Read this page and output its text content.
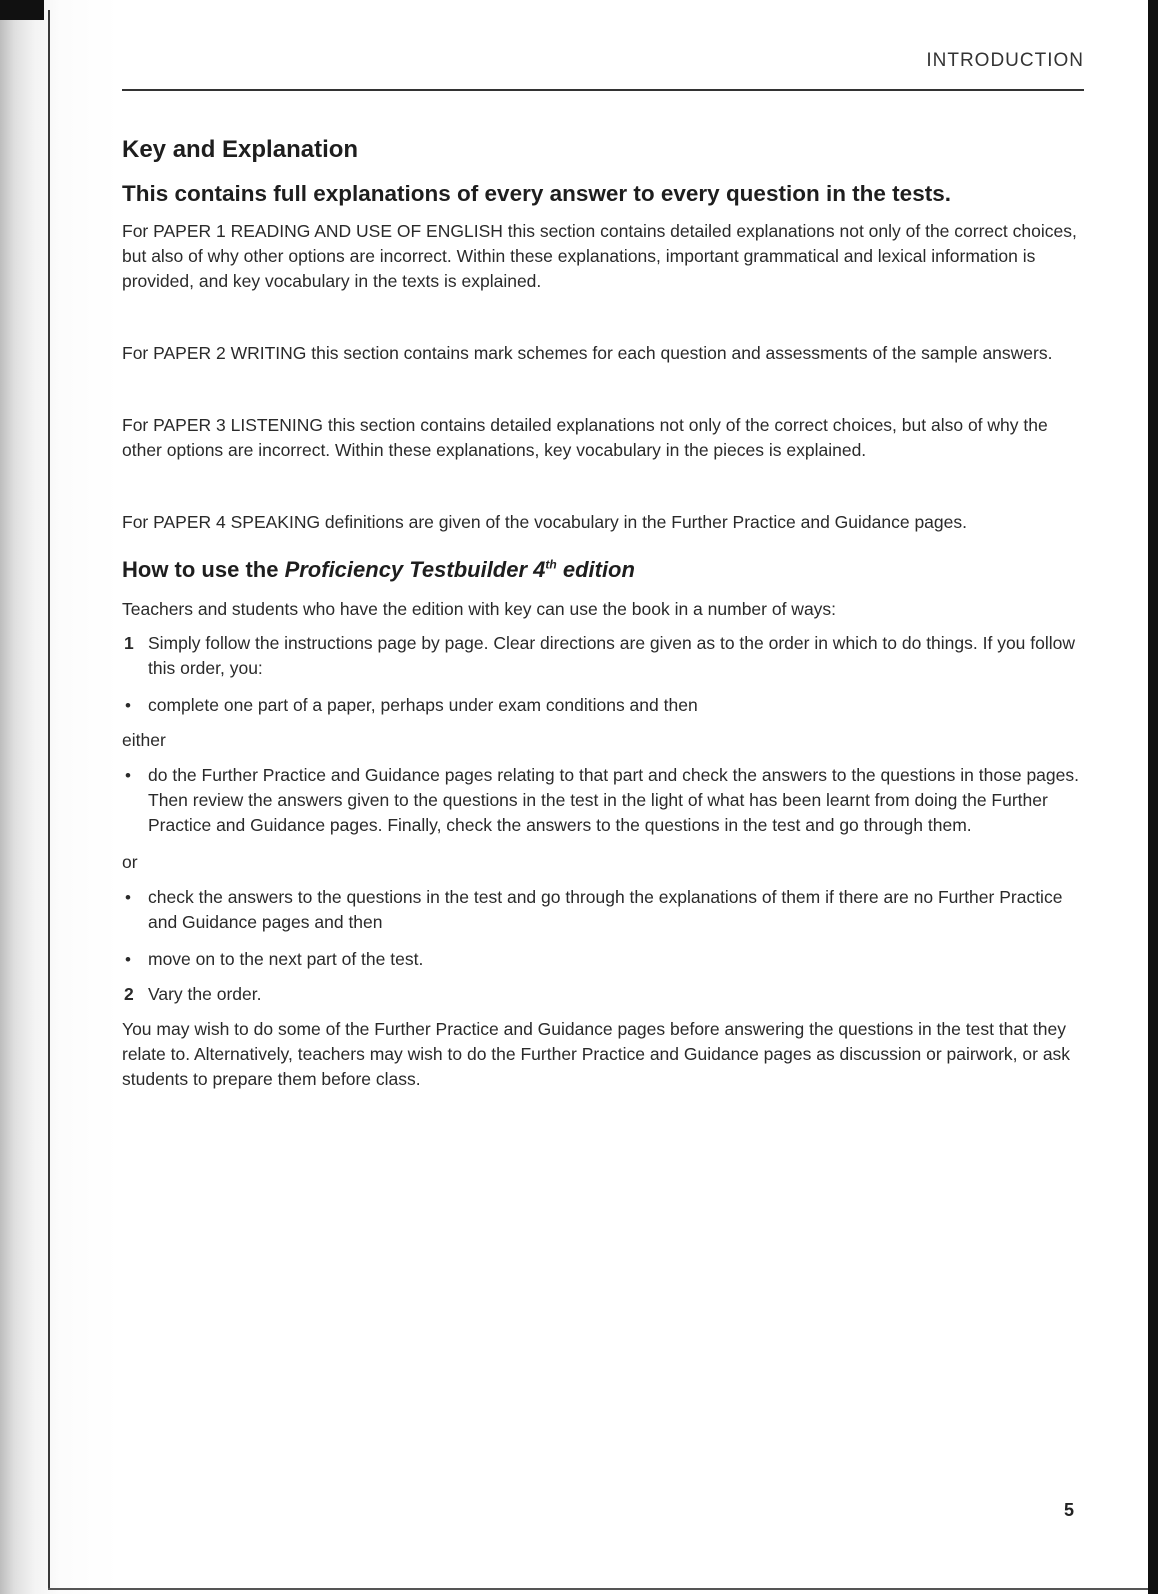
INTRODUCTION
Key and Explanation
This contains full explanations of every answer to every question in the tests.

For PAPER 1 READING AND USE OF ENGLISH this section contains detailed explanations not only of the correct choices, but also of why other options are incorrect. Within these explanations, important grammatical and lexical information is provided, and key vocabulary in the texts is explained.

For PAPER 2 WRITING this section contains mark schemes for each question and assessments of the sample answers.

For PAPER 3 LISTENING this section contains detailed explanations not only of the correct choices, but also of why the other options are incorrect. Within these explanations, key vocabulary in the pieces is explained.

For PAPER 4 SPEAKING definitions are given of the vocabulary in the Further Practice and Guidance pages.

How to use the Proficiency Testbuilder 4th edition

Teachers and students who have the edition with key can use the book in a number of ways:

1 Simply follow the instructions page by page. Clear directions are given as to the order in which to do things. If you follow this order, you:
• complete one part of a paper, perhaps under exam conditions and then

either

• do the Further Practice and Guidance pages relating to that part and check the answers to the questions in those pages. Then review the answers given to the questions in the test in the light of what has been learnt from doing the Further Practice and Guidance pages. Finally, check the answers to the questions in the test and go through them.

or

• check the answers to the questions in the test and go through the explanations of them if there are no Further Practice and Guidance pages and then
• move on to the next part of the test.
2 Vary the order.

You may wish to do some of the Further Practice and Guidance pages before answering the questions in the test that they relate to. Alternatively, teachers may wish to do the Further Practice and Guidance pages as discussion or pairwork, or ask students to prepare them before class.

5
